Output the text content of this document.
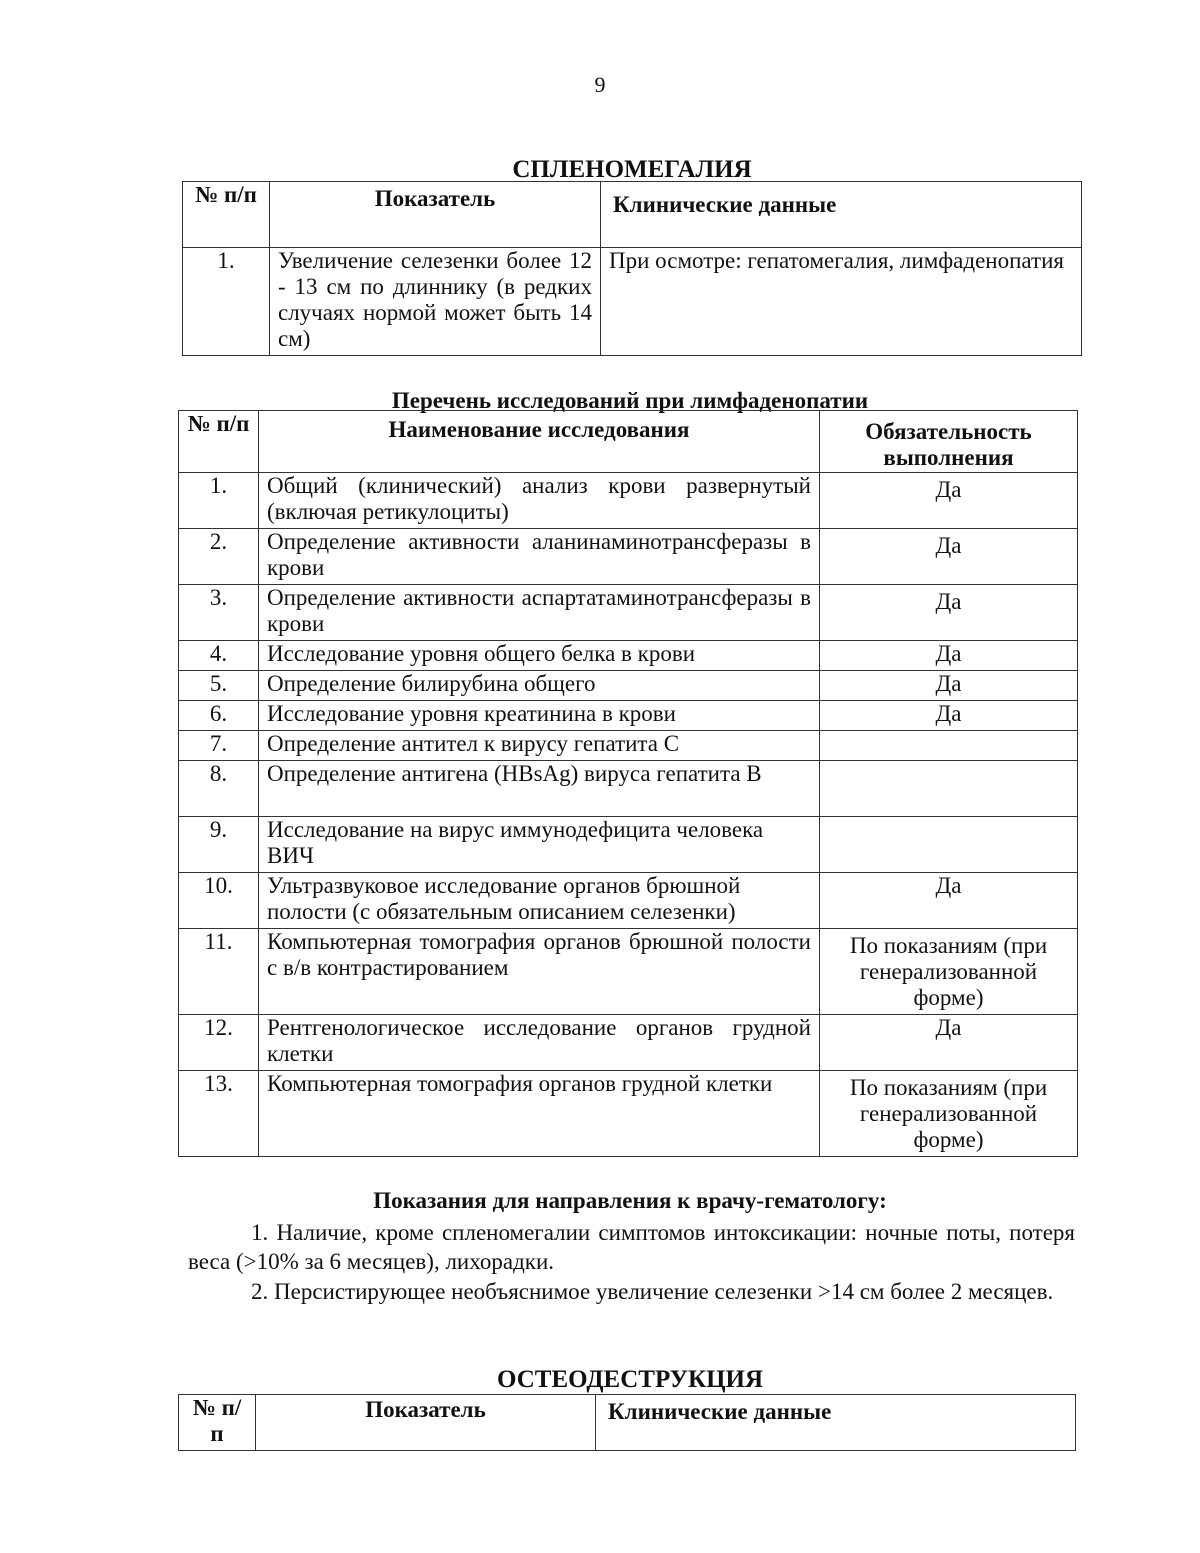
9
СПЛЕНОМЕГАЛИЯ
№ п/п	Показатель	Клинические данные
1.	Увеличение селезенки более 12 - 13 см по длиннику (в редких случаях нормой может быть 14 см)	При осмотре: гепатомегалия, лимфаденопатия
Перечень исследований при лимфаденопатии
№ п/п	Наименование исследования	Обязательность выполнения
1.	Общий (клинический) анализ крови развернутый (включая ретикулоциты)	Да
2.	Определение активности аланинаминотрансферазы в крови	Да
3.	Определение активности аспартатаминотрансферазы в крови	Да
4.	Исследование уровня общего белка в крови	Да
5.	Определение билирубина общего	Да
6.	Исследование уровня креатинина в крови	Да
7.	Определение антител к вирусу гепатита C	
8.	Определение антигена (HBsAg) вируса гепатита B	
9.	Исследование на вирус иммунодефицита человека ВИЧ	
10.	Ультразвуковое исследование органов брюшной полости (с обязательным описанием селезенки)	Да
11.	Компьютерная томография органов брюшной полости с в/в контрастированием	По показаниям (при генерализованной форме)
12.	Рентгенологическое исследование органов грудной клетки	Да
13.	Компьютерная томография органов грудной клетки	По показаниям (при генерализованной форме)
Показания для направления к врачу-гематологу:

1. Наличие, кроме спленомегалии симптомов интоксикации: ночные поты, потеря веса (>10% за 6 месяцев), лихорадки.

2. Персистирующее необъяснимое увеличение селезенки >14 см более 2 месяцев.

ОСТЕОДЕСТРУКЦИЯ
№ п/п	Показатель	Клинические данные
